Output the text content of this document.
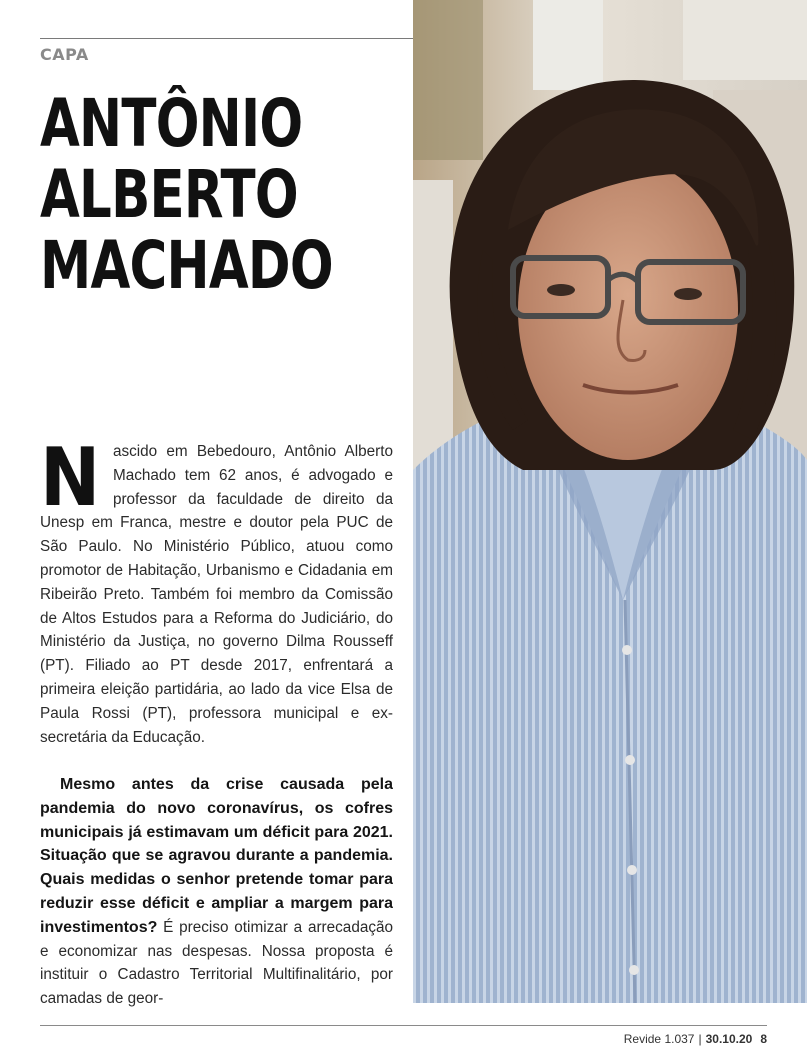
CAPA
ANTÔNIO
ALBERTO
MACHADO

Nascido em Bebedouro, Antônio Alberto Machado tem 62 anos, é advogado e professor da faculdade de direito da Unesp em Franca, mestre e doutor pela PUC de São Paulo. No Ministério Público, atuou como promotor de Habitação, Urbanismo e Cidadania em Ribeirão Preto. Também foi membro da Comissão de Altos Estudos para a Reforma do Judiciário, do Ministério da Justiça, no governo Dilma Rousseff (PT). Filiado ao PT desde 2017, enfrentará a primeira eleição partidária, ao lado da vice Elsa de Paula Rossi (PT), professora municipal e ex-secretária da Educação.

Mesmo antes da crise causada pela pandemia do novo coronavírus, os cofres municipais já estimavam um déficit para 2021. Situação que se agravou durante a pandemia. Quais medidas o senhor pretende tomar para reduzir esse déficit e ampliar a margem para investimentos? É preciso otimizar a arrecadação e economizar nas despesas. Nossa proposta é instituir o Cadastro Territorial Multifinalitário, por camadas de geor-

Revide 1.037 | 30.10.20 8
